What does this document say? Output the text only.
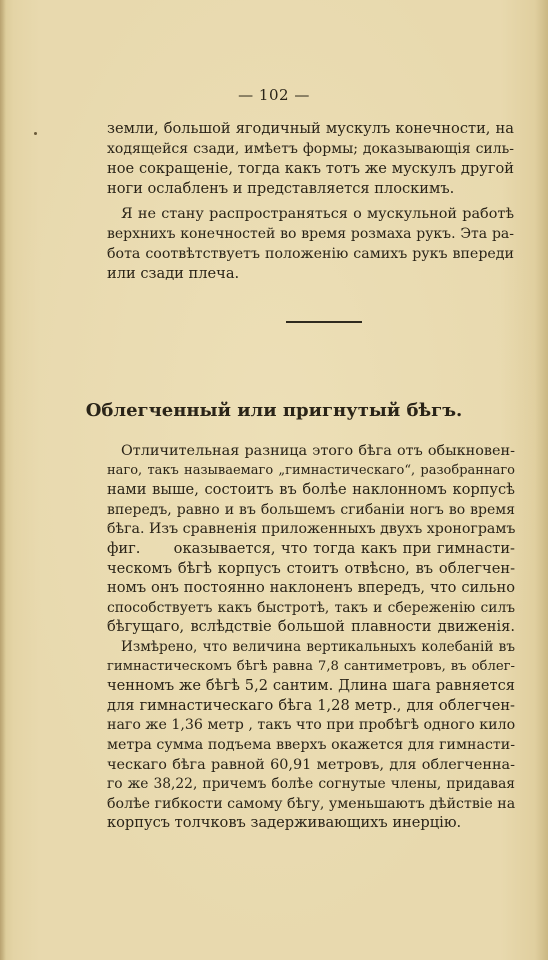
— 102 —
земли, большой ягодичный мускулъ конечности, на
ходящейся сзади, имѣетъ формы; доказывающія силь-
ное сокращеніе, тогда какъ тотъ же мускулъ другой
ноги ослабленъ и представляется плоскимъ.
Я не стану распространяться о мускульной работѣ
верхнихъ конечностей во время розмаха рукъ. Эта ра-
бота соотвѣтствуетъ положенію самихъ рукъ впереди
или сзади плеча.
Облегченный или пригнутый бѣгъ.
Отличительная разница этого бѣга отъ обыкновен-
наго, такъ называемаго „гимнастическаго“, разобраннаго
нами выше, состоитъ въ болѣе наклонномъ корпусѣ
впередъ, равно и въ большемъ сгибаніи ногъ во время
бѣга. Изъ сравненія приложенныхъ двухъ хронограмъ
фиг.      оказывается, что тогда какъ при гимнасти-
ческомъ бѣгѣ корпусъ стоитъ отвѣсно, въ облегчен-
номъ онъ постоянно наклоненъ впередъ, что сильно
способствуетъ какъ быстротѣ, такъ и сбереженію силъ
бѣгущаго, вслѣдствіе большой плавности движенія.
Измѣрено, что величина вертикальныхъ колебаній въ
гимнастическомъ бѣгѣ равна 7,8 сантиметровъ, въ облег-
ченномъ же бѣгѣ 5,2 сантим. Длина шага равняется
для гимнастическаго бѣга 1,28 метр., для облегчен-
наго же 1,36 метр , такъ что при пробѣгѣ одного кило
метра сумма подъема вверхъ окажется для гимнасти-
ческаго бѣга равной 60,91 метровъ, для облегченна-
го же 38,22, причемъ болѣе согнутые члены, придавая
болѣе гибкости самому бѣгу, уменьшаютъ дѣйствіе на
корпусъ толчковъ задерживающихъ инерцію.
